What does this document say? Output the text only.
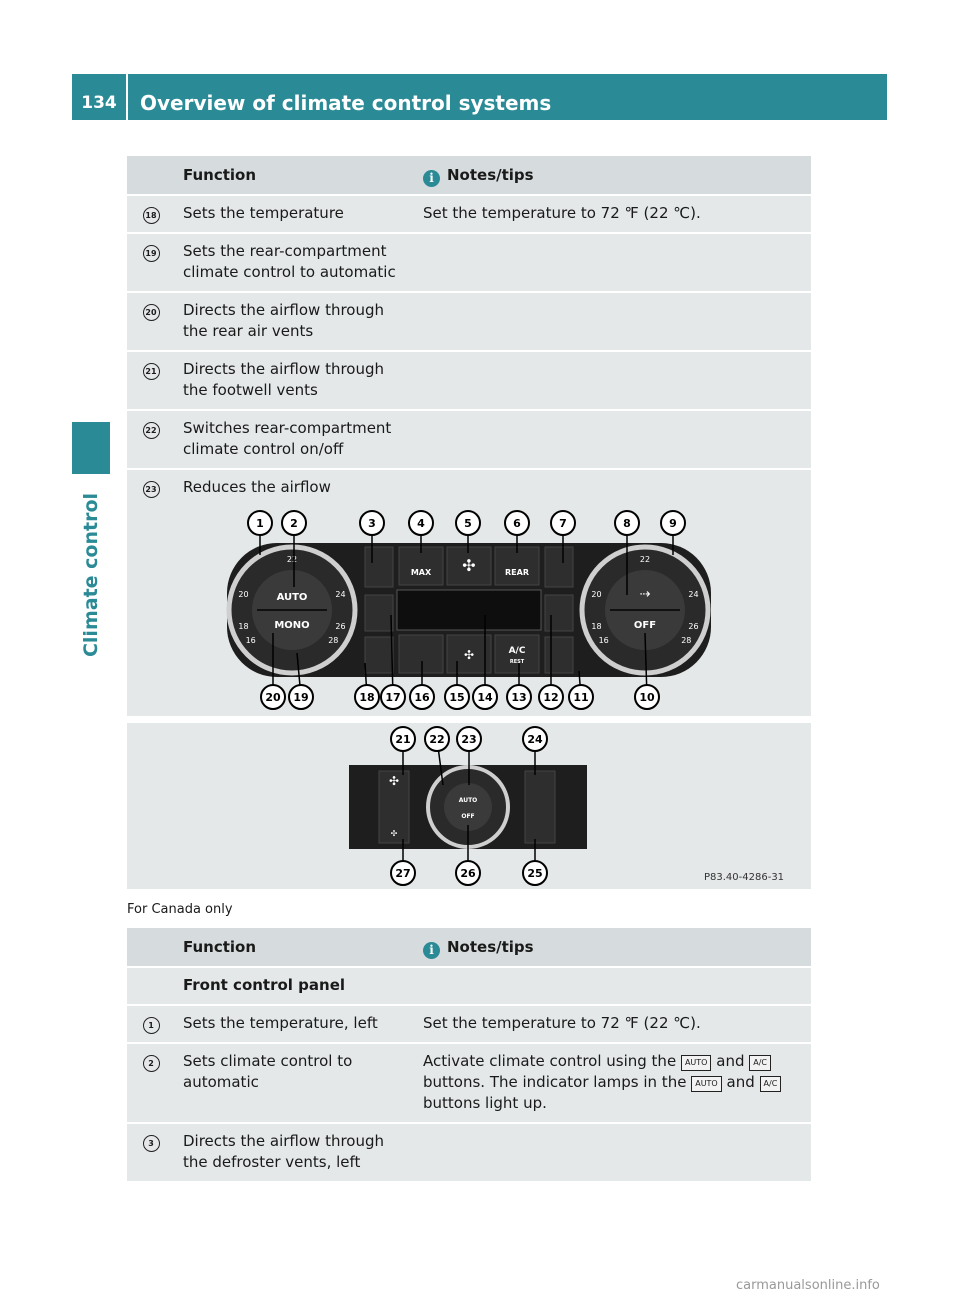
134	Overview of climate control systems
Climate control
	Function	i Notes/tips
18	Sets the temperature	Set the temperature to 72 ℉ (22 ℃).
19	Sets the rear-compartment climate control to automatic	
20	Directs the airflow through the rear air vents	
21	Directs the airflow through the footwell vents	
22	Switches rear-compartment climate control on/off	
23	Reduces the airflow	
AUTO
MONO
16
18
20
22
24
26
28
OFF
⇢
16
18
20
22
24
26
28
MAX	REAR
✣
✣	A/C
REST
1 2	3	4	5	6	7	8	9
20 19	18 17 16 15 14 13 12 11	10
AUTO
OFF
✣
✣
21 22 23	24
27	26	25	P83.40-4286-31
For Canada only
	Function	i Notes/tips
	Front control panel	
1	Sets the temperature, left	Set the temperature to 72 ℉ (22 ℃).
2	Sets climate control to automatic	Activate climate control using the AUTO and A/C buttons. The indicator lamps in the AUTO and A/C buttons light up.
3	Directs the airflow through the defroster vents, left	
carmanualsonline.info
